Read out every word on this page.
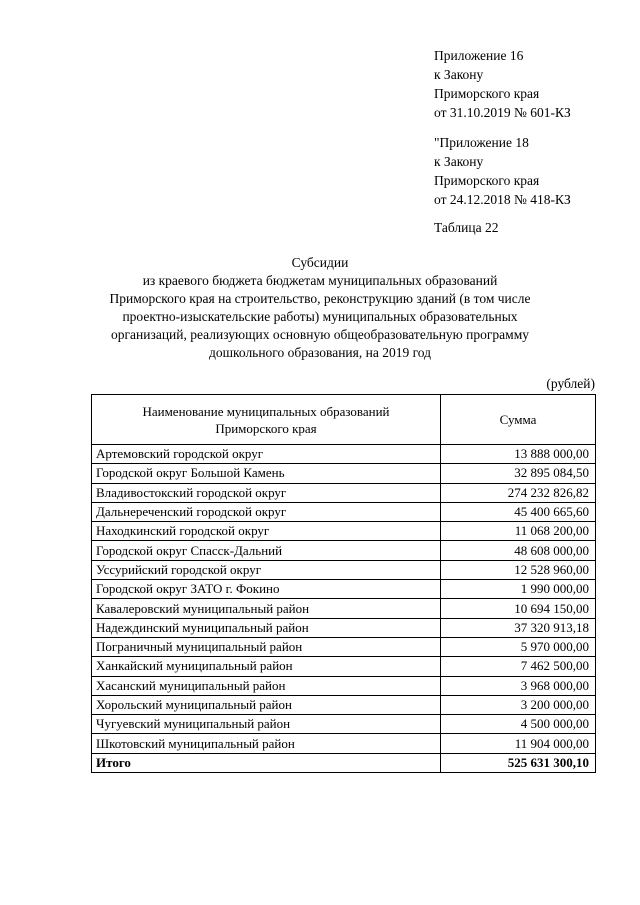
Приложение 16
к Закону
Приморского края
от 31.10.2019 № 601-КЗ
"Приложение 18
к Закону
Приморского края
от 24.12.2018 № 418-КЗ
Таблица 22
Субсидии
из краевого бюджета бюджетам муниципальных образований
Приморского края на строительство, реконструкцию зданий (в том числе
проектно-изыскательские работы) муниципальных образовательных
организаций, реализующих основную общеобразовательную программу
дошкольного образования, на 2019 год
(рублей)
Наименование муниципальных образований
Приморского края	Сумма
Артемовский городской округ	13 888 000,00
Городской округ Большой Камень	32 895 084,50
Владивостокский городской округ	274 232 826,82
Дальнереченский городской округ	45 400 665,60
Находкинский городской округ	11 068 200,00
Городской округ Спасск-Дальний	48 608 000,00
Уссурийский городской округ	12 528 960,00
Городской округ ЗАТО г. Фокино	1 990 000,00
Кавалеровский муниципальный район	10 694 150,00
Надеждинский муниципальный район	37 320 913,18
Пограничный муниципальный район	5 970 000,00
Ханкайский муниципальный район	7 462 500,00
Хасанский муниципальный район	3 968 000,00
Хорольский муниципальный район	3 200 000,00
Чугуевский муниципальный район	4 500 000,00
Шкотовский муниципальный район	11 904 000,00
Итого	525 631 300,10
